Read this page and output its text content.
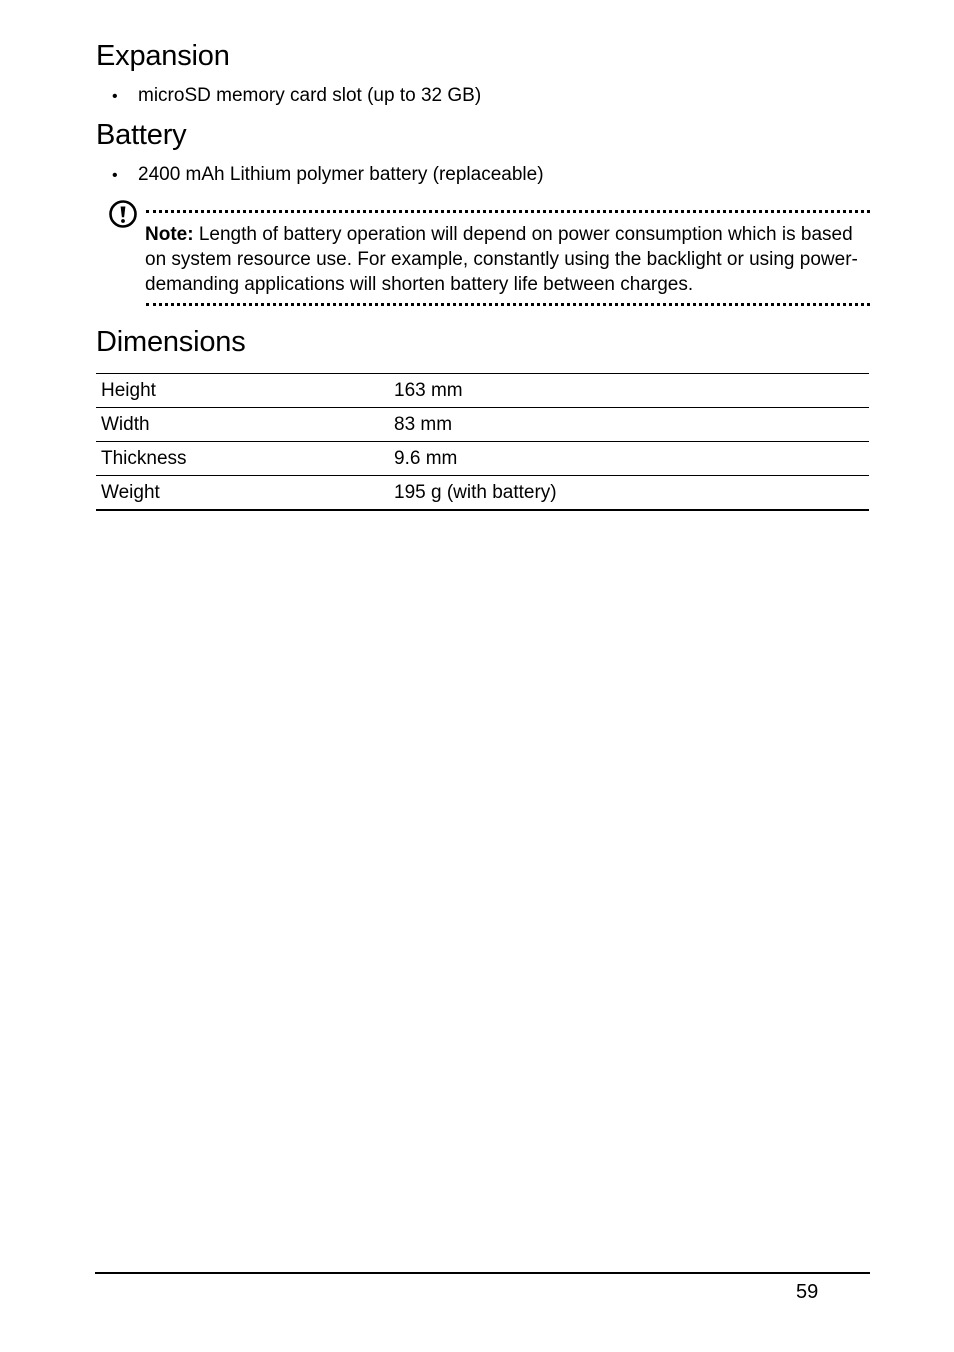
Expansion
•	microSD memory card slot (up to 32 GB)
Battery
•	2400 mAh Lithium polymer battery (replaceable)
Note: Length of battery operation will depend on power consumption which is based on system resource use. For example, constantly using the backlight or using power-demanding applications will shorten battery life between charges.
Dimensions
Height	163 mm
Width	83 mm
Thickness	9.6 mm
Weight	195 g (with battery)
59
